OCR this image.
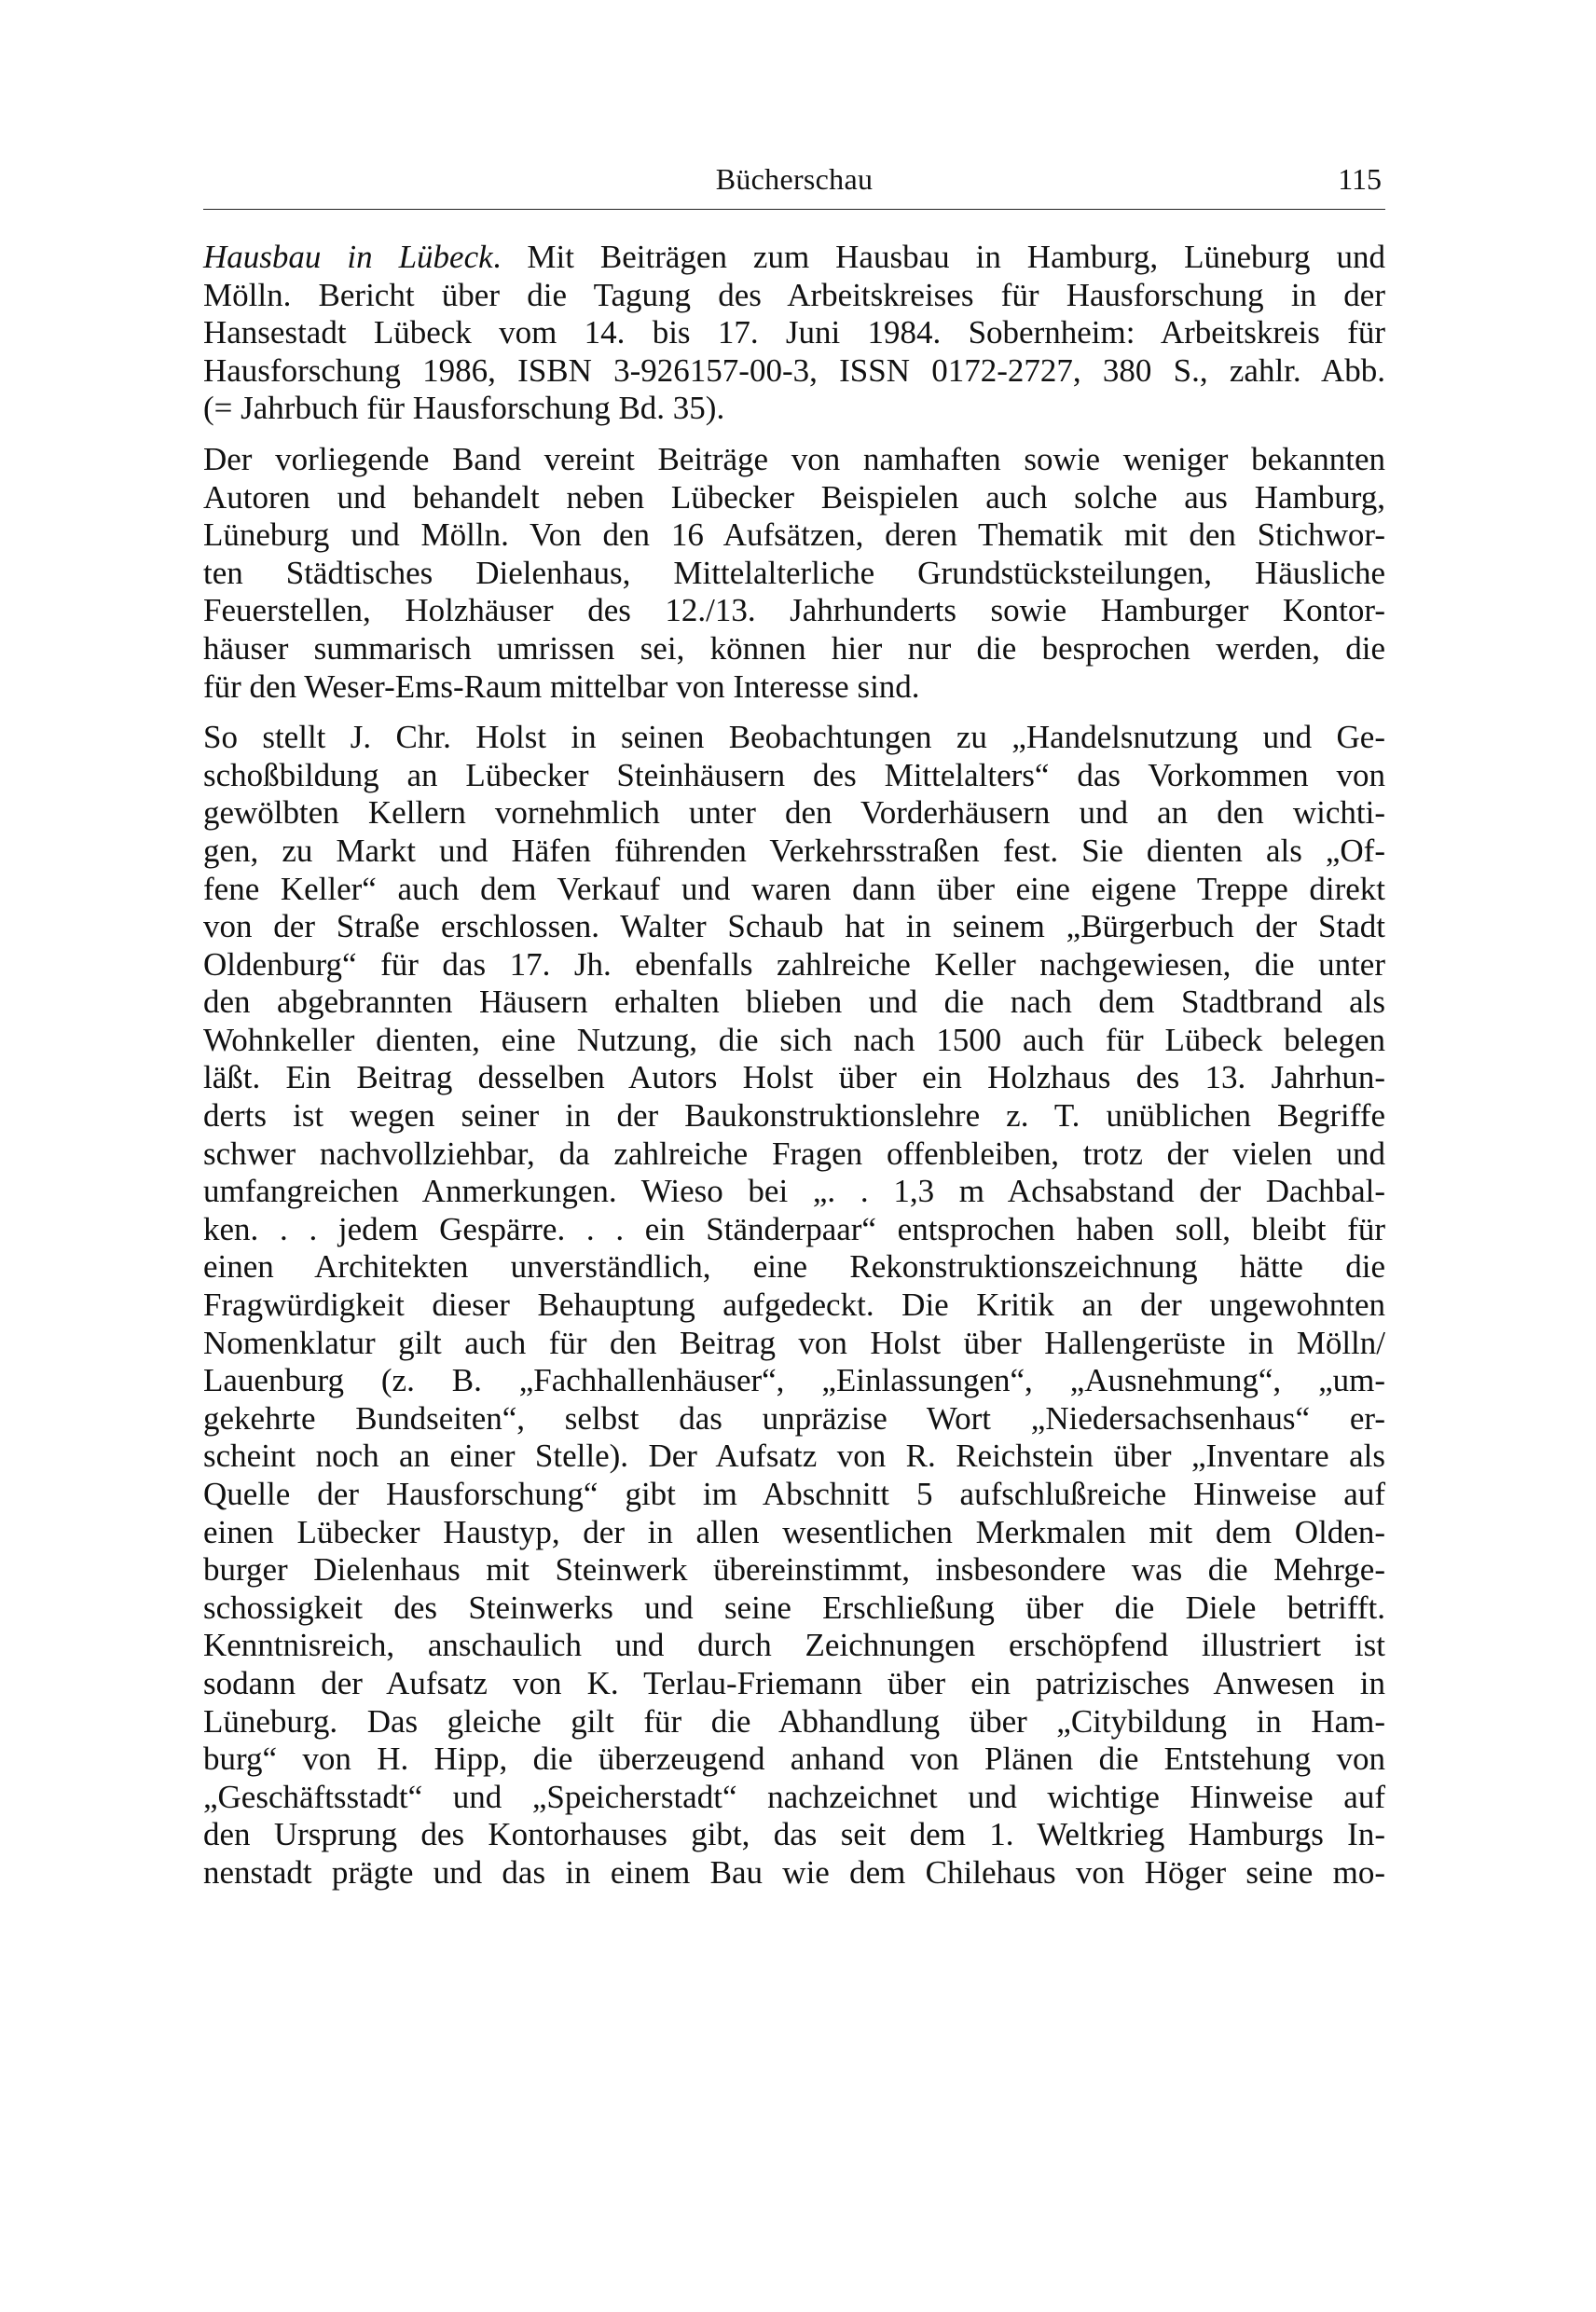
Bücherschau	115
Hausbau in Lübeck. Mit Beiträgen zum Hausbau in Hamburg, Lüneburg und
Mölln. Bericht über die Tagung des Arbeitskreises für Hausforschung in der
Hansestadt Lübeck vom 14. bis 17. Juni 1984. Sobernheim: Arbeitskreis für
Hausforschung 1986, ISBN 3-926157-00-3, ISSN 0172-2727, 380 S., zahlr. Abb.
(= Jahrbuch für Hausforschung Bd. 35).
Der vorliegende Band vereint Beiträge von namhaften sowie weniger bekannten
Autoren und behandelt neben Lübecker Beispielen auch solche aus Hamburg,
Lüneburg und Mölln. Von den 16 Aufsätzen, deren Thematik mit den Stichwor-
ten Städtisches Dielenhaus, Mittelalterliche Grundstücksteilungen, Häusliche
Feuerstellen, Holzhäuser des 12./13. Jahrhunderts sowie Hamburger Kontor-
häuser summarisch umrissen sei, können hier nur die besprochen werden, die
für den Weser-Ems-Raum mittelbar von Interesse sind.
So stellt J. Chr. Holst in seinen Beobachtungen zu „Handelsnutzung und Ge-
schoßbildung an Lübecker Steinhäusern des Mittelalters“ das Vorkommen von
gewölbten Kellern vornehmlich unter den Vorderhäusern und an den wichti-
gen, zu Markt und Häfen führenden Verkehrsstraßen fest. Sie dienten als „Of-
fene Keller“ auch dem Verkauf und waren dann über eine eigene Treppe direkt
von der Straße erschlossen. Walter Schaub hat in seinem „Bürgerbuch der Stadt
Oldenburg“ für das 17. Jh. ebenfalls zahlreiche Keller nachgewiesen, die unter
den abgebrannten Häusern erhalten blieben und die nach dem Stadtbrand als
Wohnkeller dienten, eine Nutzung, die sich nach 1500 auch für Lübeck belegen
läßt. Ein Beitrag desselben Autors Holst über ein Holzhaus des 13. Jahrhun-
derts ist wegen seiner in der Baukonstruktionslehre z. T. unüblichen Begriffe
schwer nachvollziehbar, da zahlreiche Fragen offenbleiben, trotz der vielen und
umfangreichen Anmerkungen. Wieso bei „. . 1,3 m Achsabstand der Dachbal-
ken. . . jedem Gespärre. . . ein Ständerpaar“ entsprochen haben soll, bleibt für
einen Architekten unverständlich, eine Rekonstruktionszeichnung hätte die
Fragwürdigkeit dieser Behauptung aufgedeckt. Die Kritik an der ungewohnten
Nomenklatur gilt auch für den Beitrag von Holst über Hallengerüste in Mölln/
Lauenburg (z. B. „Fachhallenhäuser“, „Einlassungen“, „Ausnehmung“, „um-
gekehrte Bundseiten“, selbst das unpräzise Wort „Niedersachsenhaus“ er-
scheint noch an einer Stelle). Der Aufsatz von R. Reichstein über „Inventare als
Quelle der Hausforschung“ gibt im Abschnitt 5 aufschlußreiche Hinweise auf
einen Lübecker Haustyp, der in allen wesentlichen Merkmalen mit dem Olden-
burger Dielenhaus mit Steinwerk übereinstimmt, insbesondere was die Mehrge-
schossigkeit des Steinwerks und seine Erschließung über die Diele betrifft.
Kenntnisreich, anschaulich und durch Zeichnungen erschöpfend illustriert ist
sodann der Aufsatz von K. Terlau-Friemann über ein patrizisches Anwesen in
Lüneburg. Das gleiche gilt für die Abhandlung über „Citybildung in Ham-
burg“ von H. Hipp, die überzeugend anhand von Plänen die Entstehung von
„Geschäftsstadt“ und „Speicherstadt“ nachzeichnet und wichtige Hinweise auf
den Ursprung des Kontorhauses gibt, das seit dem 1. Weltkrieg Hamburgs In-
nenstadt prägte und das in einem Bau wie dem Chilehaus von Höger seine mo-
